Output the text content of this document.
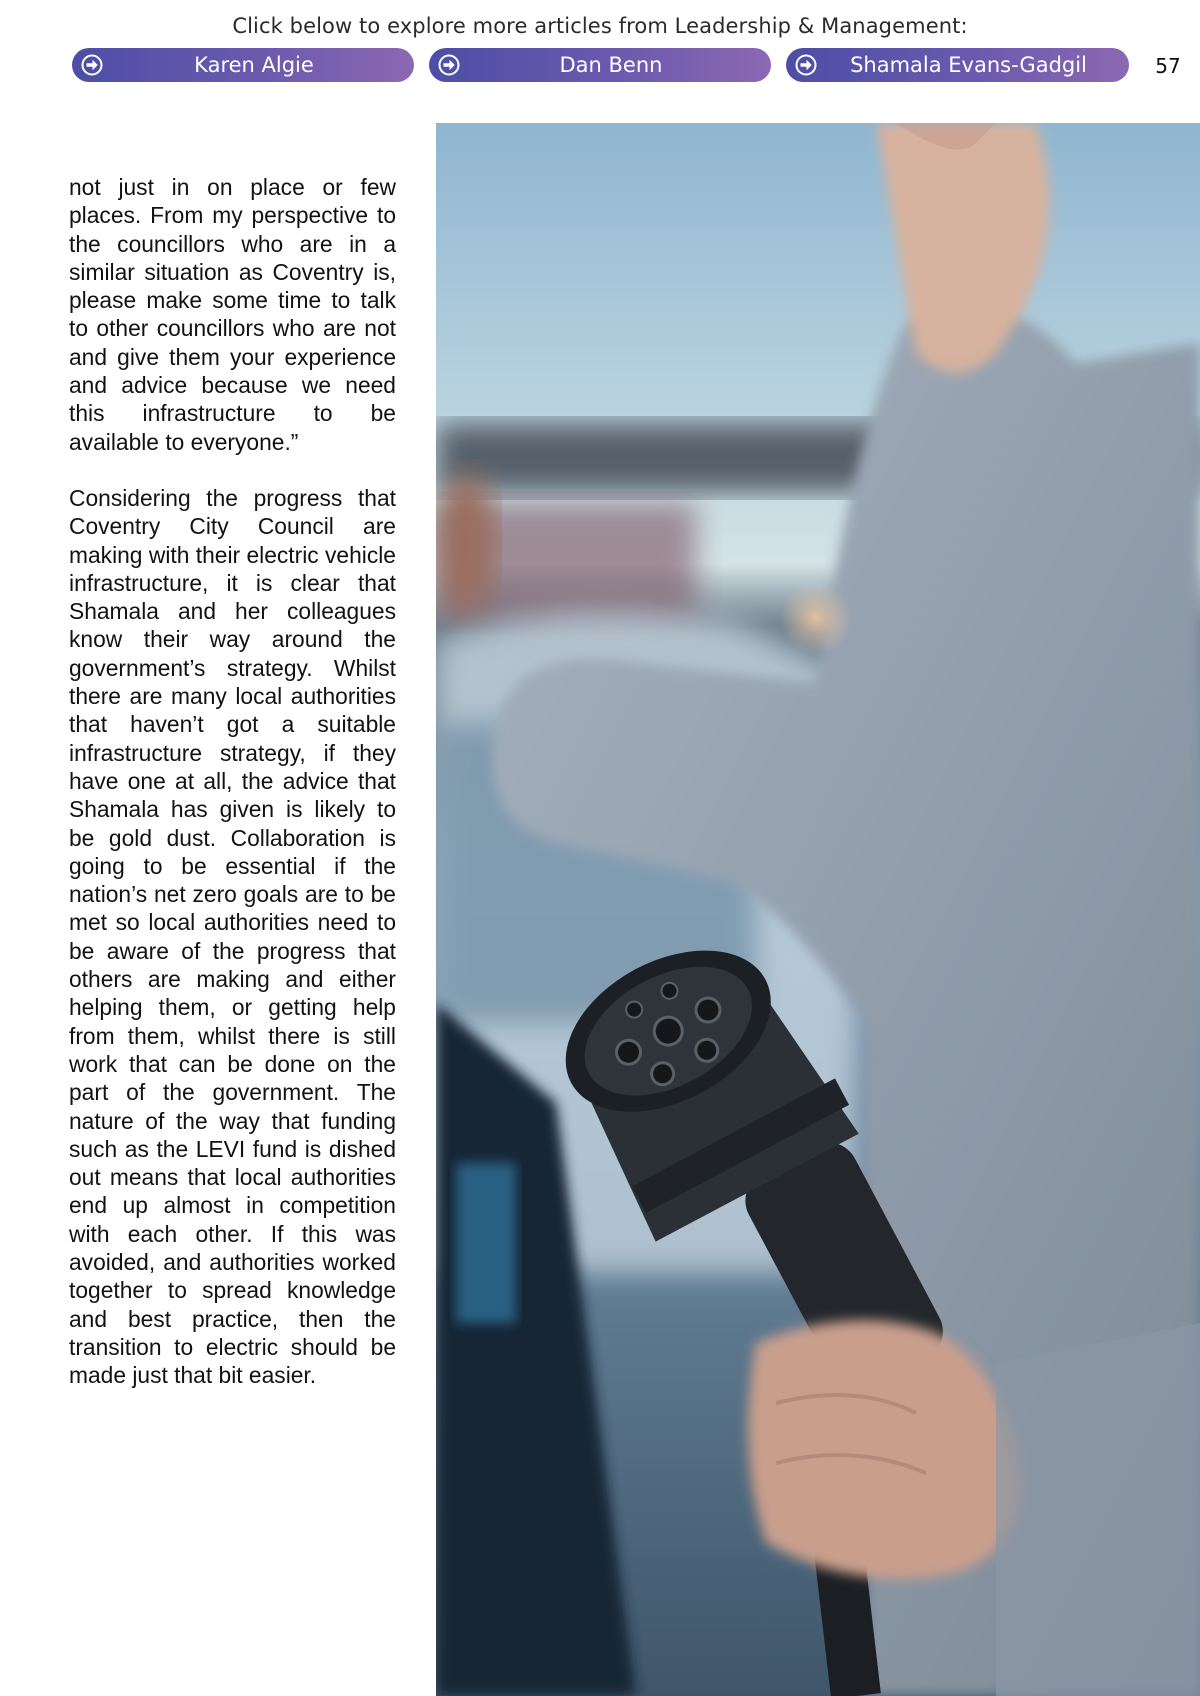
Click below to explore more articles from Leadership & Management:
Karen Algie	Dan Benn	Shamala Evans-Gadgil	57

not just in on place or few places. From my perspective to the councillors who are in a similar situation as Coventry is, please make some time to talk to other councillors who are not and give them your experience and advice because we need this infrastructure to be available to everyone.”

Considering the progress that Coventry City Council are making with their electric vehicle infrastructure, it is clear that Shamala and her colleagues know their way around the government’s strategy. Whilst there are many local authorities that haven’t got a suitable infrastructure strategy, if they have one at all, the advice that Shamala has given is likely to be gold dust. Collaboration is going to be essential if the nation’s net zero goals are to be met so local authorities need to be aware of the progress that others are making and either helping them, or getting help from them, whilst there is still work that can be done on the part of the government. The nature of the way that funding such as the LEVI fund is dished out means that local authorities end up almost in competition with each other. If this was avoided, and authorities worked together to spread knowledge and best practice, then the transition to electric should be made just that bit easier.
